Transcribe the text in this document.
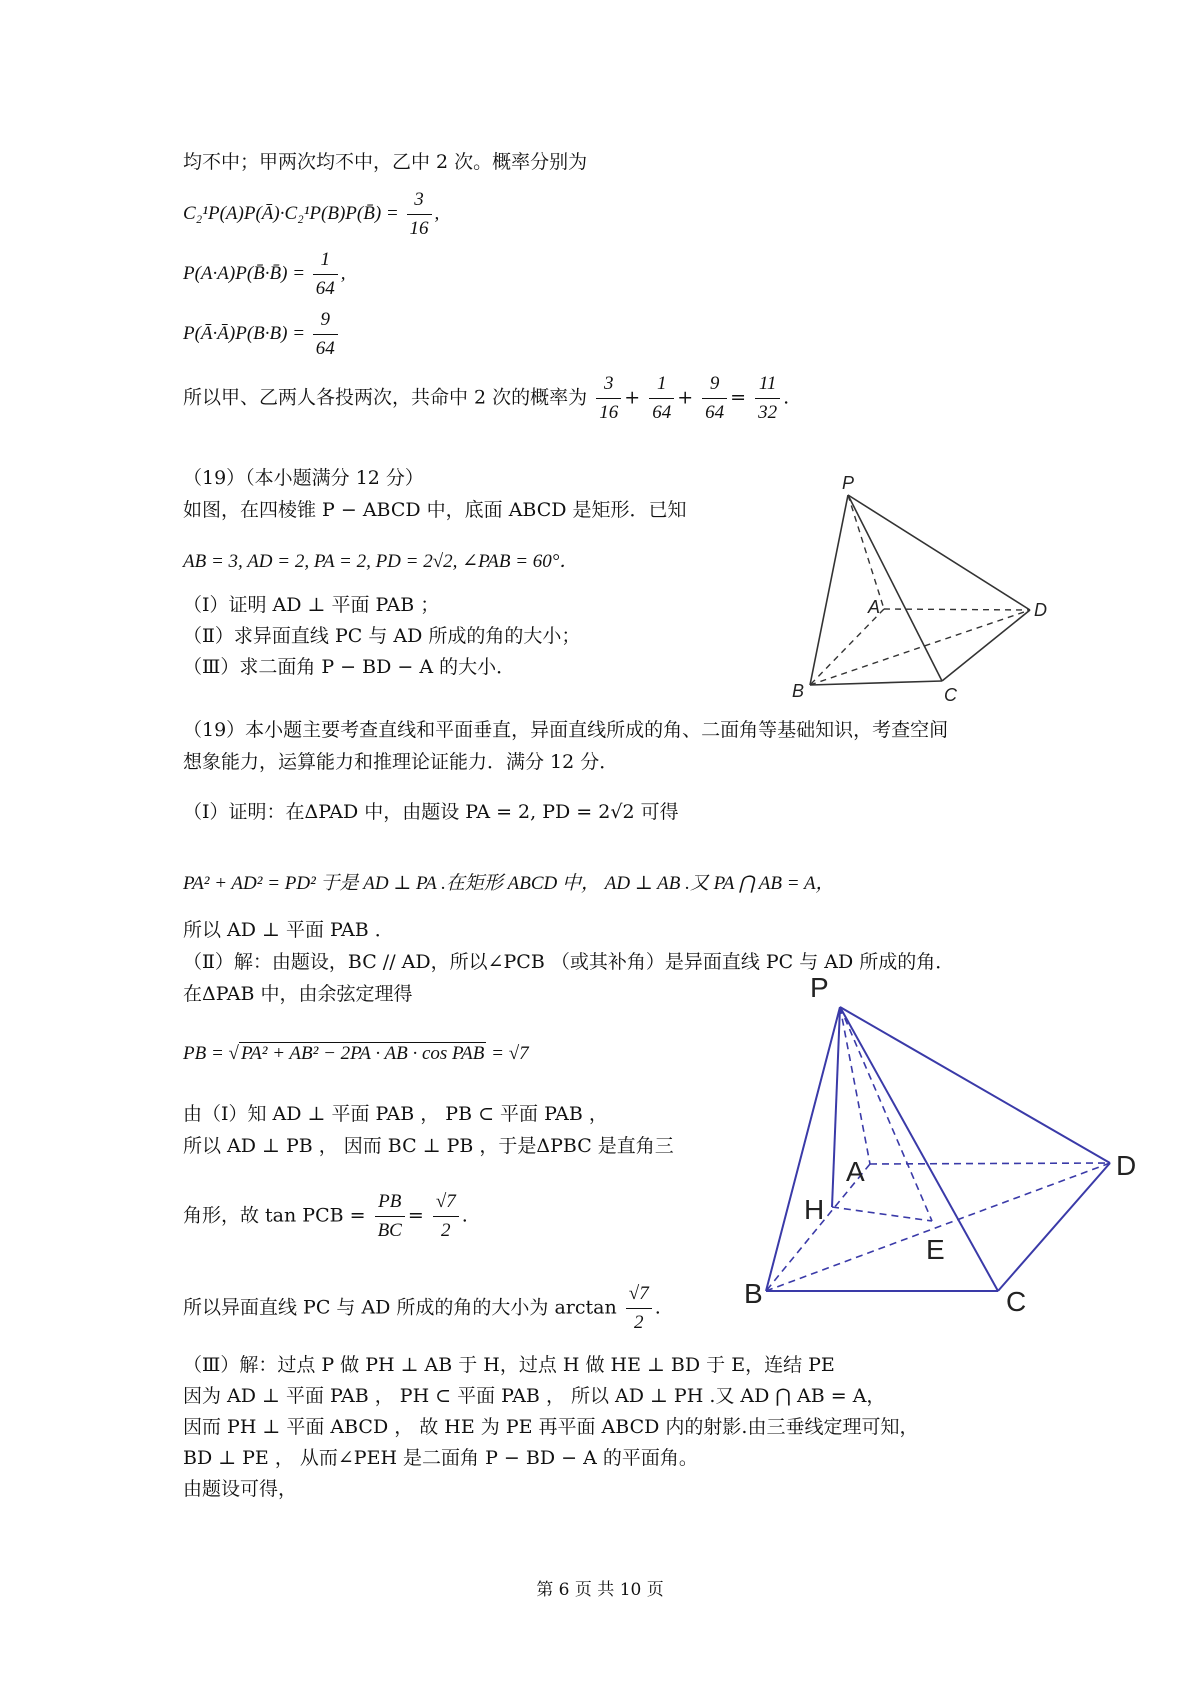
均不中；甲两次均不中，乙中 2 次。概率分别为
C₂¹P(A)P(Ā)·C₂¹P(B)P(B̄) = $\frac{3}{16}$ ,
P(A·A)P(B̄·B̄) = $\frac{1}{64}$ ,
P(Ā·Ā)P(B·B) = $\frac{9}{64}$
所以甲、乙两人各投两次，共命中 2 次的概率为 $\frac{3}{16} + \frac{1}{64} + \frac{9}{64} = \frac{11}{32}$ .
（19）（本小题满分 12 分）
如图，在四棱锥 P − ABCD 中，底面 ABCD 是矩形．已知
AB = 3, AD = 2, PA = 2, PD = 2√2, ∠PAB = 60°．
（Ⅰ）证明 AD ⊥ 平面 PAB ；
（Ⅱ）求异面直线 PC 与 AD 所成的角的大小；
（Ⅲ）求二面角 P − BD − A 的大小．
P
A
B	C
D
（19）本小题主要考查直线和平面垂直，异面直线所成的角、二面角等基础知识，考查空间
想象能力，运算能力和推理论证能力．满分 12 分．
（Ⅰ）证明：在ΔPAD 中，由题设 PA = 2, PD = 2√2 可得
PA² + AD² = PD² 于是 AD ⊥ PA .在矩形 ABCD 中， AD ⊥ AB .又 PA ⋂ AB = A，
所以 AD ⊥ 平面 PAB ．
（Ⅱ）解：由题设，BC // AD，所以∠PCB （或其补角）是异面直线 PC 与 AD 所成的角．
在ΔPAB 中，由余弦定理得
PB = √ PA² + AB² − 2PA · AB · cos PAB = √7
由（Ⅰ）知 AD ⊥ 平面 PAB ， PB ⊂ 平面 PAB ，
所以 AD ⊥ PB ， 因而 BC ⊥ PB ，于是ΔPBC 是直角三
角形，故 tan PCB = $\frac{PB}{BC} = \frac{√7}{2}$ .
所以异面直线 PC 与 AD 所成的角的大小为 $\arctan \frac{√7}{2}$ .
（Ⅲ）解：过点 P 做 PH ⊥ AB 于 H，过点 H 做 HE ⊥ BD 于 E，连结 PE
因为 AD ⊥ 平面 PAB ， PH ⊂ 平面 PAB ， 所以 AD ⊥ PH .又 AD ⋂ AB = A，
因而 PH ⊥ 平面 ABCD ， 故 HE 为 PE 再平面 ABCD 内的射影.由三垂线定理可知，
BD ⊥ PE ， 从而∠PEH 是二面角 P − BD − A 的平面角。
由题设可得，
P
A
H
E
B	C
D
第 6 页 共 10 页
